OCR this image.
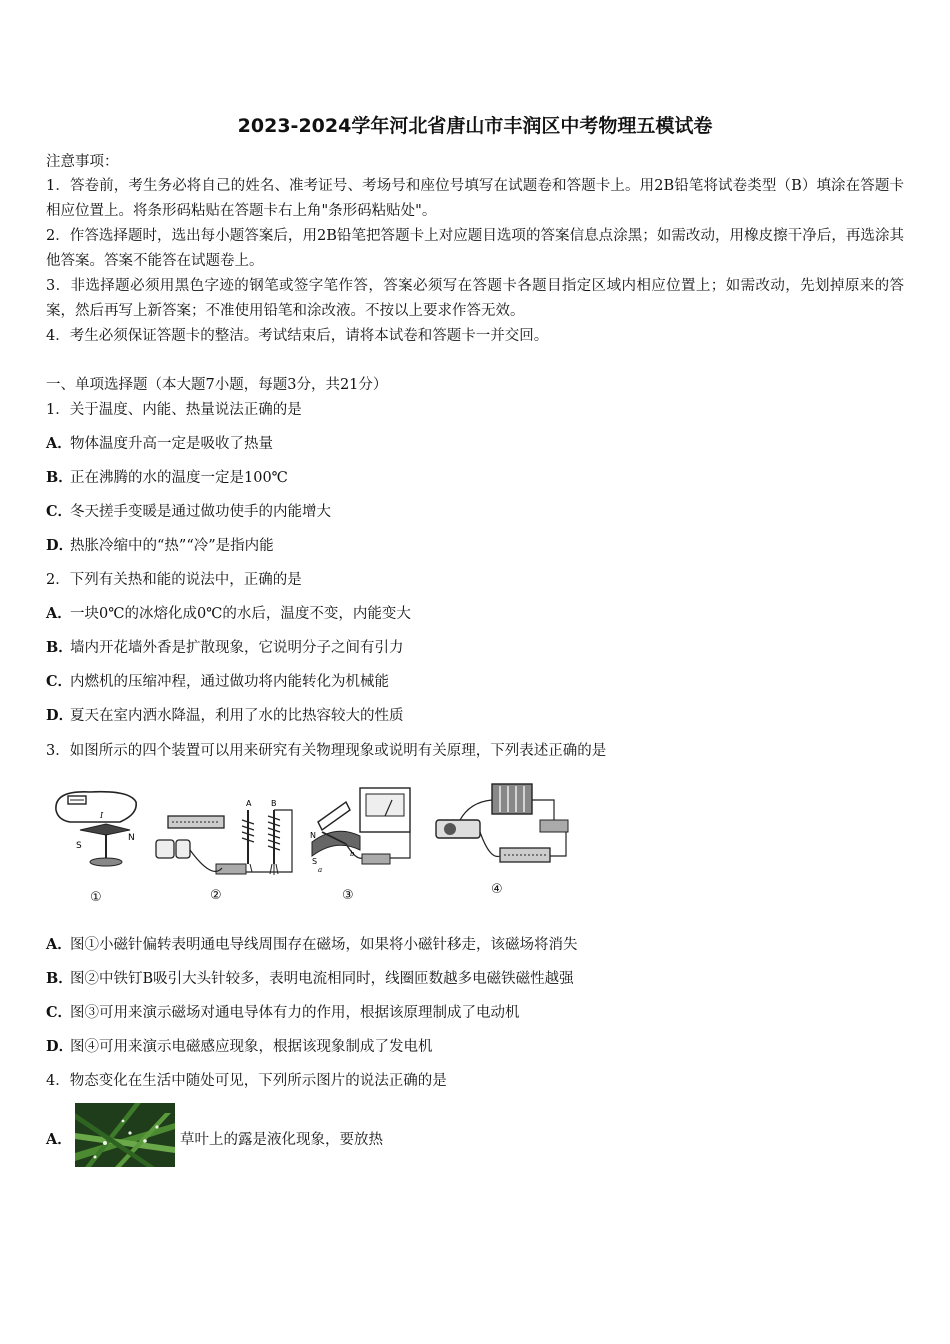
2023-2024学年河北省唐山市丰润区中考物理五模试卷
注意事项：
1．答卷前，考生务必将自己的姓名、准考证号、考场号和座位号填写在试题卷和答题卡上。用2B铅笔将试卷类型（B）填涂在答题卡相应位置上。将条形码粘贴在答题卡右上角"条形码粘贴处"。
2．作答选择题时，选出每小题答案后，用2B铅笔把答题卡上对应题目选项的答案信息点涂黑；如需改动，用橡皮擦干净后，再选涂其他答案。答案不能答在试题卷上。
3．非选择题必须用黑色字迹的钢笔或签字笔作答，答案必须写在答题卡各题目指定区域内相应位置上；如需改动，先划掉原来的答案，然后再写上新答案；不准使用铅笔和涂改液。不按以上要求作答无效。
4．考生必须保证答题卡的整洁。考试结束后，请将本试卷和答题卡一并交回。
一、单项选择题（本大题7小题，每题3分，共21分）
1．关于温度、内能、热量说法正确的是
A．物体温度升高一定是吸收了热量
B．正在沸腾的水的温度一定是100℃
C．冬天搓手变暖是通过做功使手的内能增大
D．热胀冷缩中的“热”“冷”是指内能
2．下列有关热和能的说法中，正确的是
A．一块0℃的冰熔化成0℃的水后，温度不变，内能变大
B．墙内开花墙外香是扩散现象，它说明分子之间有引力
C．内燃机的压缩冲程，通过做功将内能转化为机械能
D．夏天在室内洒水降温，利用了水的比热容较大的性质
3．如图所示的四个装置可以用来研究有关物理现象或说明有关原理，下列表述正确的是
S
N
I
A B
N
S
a
b
①	②	③	④
A．图①小磁针偏转表明通电导线周围存在磁场，如果将小磁针移走，该磁场将消失
B．图②中铁钉B吸引大头针较多，表明电流相同时，线圈匝数越多电磁铁磁性越强
C．图③可用来演示磁场对通电导体有力的作用，根据该原理制成了电动机
D．图④可用来演示电磁感应现象，根据该现象制成了发电机
4．物态变化在生活中随处可见，下列所示图片的说法正确的是
A．	草叶上的露是液化现象，要放热
